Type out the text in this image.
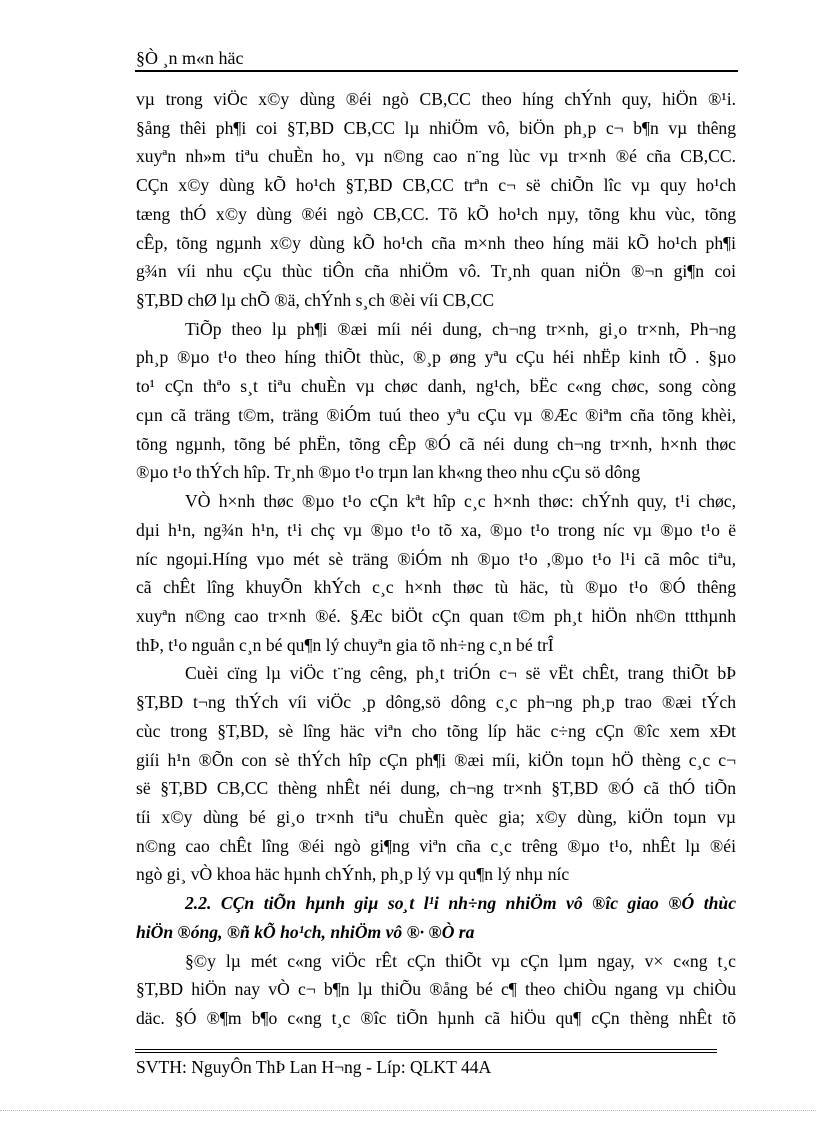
§Ò ¸n m«n häc
vµ trong viÖc x©y dùng ®éi ngò CB,CC theo híng chÝnh quy, hiÖn ®¹i.
§ång thêi ph¶i coi §T,BD CB,CC lµ nhiÖm vô, biÖn ph¸p c¬ b¶n vµ thêng
xuyªn nh»m tiªu chuÈn ho¸ vµ n©ng cao n¨ng lùc vµ tr×nh ®é cña CB,CC.
CÇn x©y dùng kÕ ho¹ch §T,BD CB,CC trªn c¬ së chiÕn lîc vµ quy ho¹ch
tæng thÓ x©y dùng ®éi ngò CB,CC. Tõ kÕ ho¹ch nµy, tõng khu vùc, tõng
cÊp, tõng ngµnh x©y dùng kÕ ho¹ch cña m×nh theo híng mäi kÕ ho¹ch ph¶i
g¾n víi nhu cÇu thùc tiÔn cña nhiÖm vô. Tr¸nh quan niÖn ®¬n gi¶n coi
§T,BD chØ lµ chÕ ®ä, chÝnh s¸ch ®èi víi CB,CC
TiÕp theo lµ ph¶i ®æi míi néi dung, ch¬ng tr×nh, gi¸o tr×nh, Ph¬ng
ph¸p ®µo t¹o theo híng thiÕt thùc, ®¸p øng yªu cÇu héi nhËp kinh tÕ . §µo
to¹ cÇn thªo s¸t tiªu chuÈn vµ chøc danh, ng¹ch, bËc c«ng chøc, song còng
cµn cã träng t©m, träng ®iÓm tuú theo yªu cÇu vµ ®Æc ®iªm cña tõng khèi,
tõng ngµnh, tõng bé phËn, tõng cÊp ®Ó cã néi dung ch¬ng tr×nh, h×nh thøc
®µo t¹o thÝch hîp. Tr¸nh ®µo t¹o trµn lan kh«ng theo nhu cÇu sö dông
VÒ h×nh thøc ®µo t¹o cÇn kªt hîp c¸c h×nh thøc: chÝnh quy, t¹i chøc,
dµi h¹n, ng¾n h¹n, t¹i chç vµ ®µo t¹o tõ xa, ®µo t¹o trong níc vµ ®µo t¹o ë
níc ngoµi.Híng vµo mét sè träng ®iÓm nh ®µo t¹o ,®µo t¹o l¹i cã môc tiªu,
cã chÊt lîng khuyÕn khÝch c¸c h×nh thøc tù häc, tù ®µo t¹o ®Ó thêng
xuyªn n©ng cao tr×nh ®é. §Æc biÖt cÇn quan t©m ph¸t hiÖn nh©n ttthµnh
thÞ, t¹o nguån c¸n bé qu¶n lý chuyªn gia tõ nh÷ng c¸n bé trÎ
Cuèi cïng lµ viÖc t¨ng cêng, ph¸t triÓn c¬ së vËt chÊt, trang thiÕt bÞ
§T,BD t¬ng thÝch víi viÖc ¸p dông,sö dông c¸c ph¬ng ph¸p trao ®æi tÝch
cùc trong §T,BD, sè lîng häc viªn cho tõng líp häc c÷ng cÇn ®îc xem xÐt
giíi h¹n ®Õn con sè thÝch hîp cÇn ph¶i ®æi míi, kiÖn toµn hÖ thèng c¸c c¬
së §T,BD CB,CC thèng nhÊt néi dung, ch¬ng tr×nh §T,BD ®Ó cã thÓ tiÕn
tíi x©y dùng bé gi¸o tr×nh tiªu chuÈn quèc gia; x©y dùng, kiÖn toµn vµ
n©ng cao chÊt lîng ®éi ngò gi¶ng viªn cña c¸c trêng ®µo t¹o, nhÊt lµ ®éi
ngò gi¸ vÒ khoa häc hµnh chÝnh, ph¸p lý vµ qu¶n lý nhµ níc
2.2. CÇn tiÕn hµnh giµ so¸t l¹i nh÷ng nhiÖm vô ®îc giao ®Ó thùc
hiÖn ®óng, ®ñ kÕ ho¹ch, nhiÖm vô ®· ®Ò ra
§©y lµ mét c«ng viÖc rÊt cÇn thiÕt vµ cÇn lµm ngay, v× c«ng t¸c
§T,BD hiÖn nay vÒ c¬ b¶n lµ thiÕu ®ång bé c¶ theo chiÒu ngang vµ chiÒu
däc. §Ó ®¶m b¶o c«ng t¸c ®îc tiÕn hµnh cã hiÖu qu¶ cÇn thèng nhÊt tõ
SVTH: NguyÔn ThÞ Lan H¬ng - Líp: QLKT 44A
